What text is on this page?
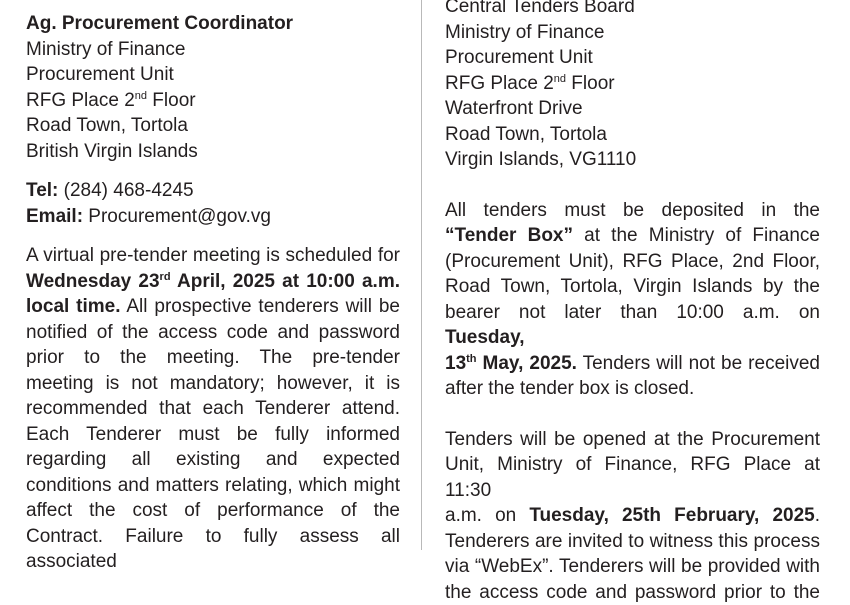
Ag. Procurement Coordinator
Ministry of Finance
Procurement Unit
RFG Place 2nd Floor
Road Town, Tortola
British Virgin Islands
Tel: (284) 468-4245
Email: Procurement@gov.vg
A virtual pre-tender meeting is scheduled for
Wednesday 23rd April, 2025 at 10:00 a.m.
local time. All prospective tenderers will be
notified of the access code and password
prior to the meeting. The pre-tender
meeting is not mandatory; however, it is
recommended that each Tenderer attend.
Each Tenderer must be fully informed
regarding all existing and expected
conditions and matters relating, which might
affect the cost of performance of the
Contract. Failure to fully assess all associated
Central Tenders Board
Ministry of Finance
Procurement Unit
RFG Place 2nd Floor
Waterfront Drive
Road Town, Tortola
Virgin Islands, VG1110
All tenders must be deposited in the
“Tender Box” at the Ministry of Finance
(Procurement Unit), RFG Place, 2nd Floor,
Road Town, Tortola, Virgin Islands by the
bearer not later than 10:00 a.m. on Tuesday,
13th May, 2025. Tenders will not be received
after the tender box is closed.
Tenders will be opened at the Procurement
Unit, Ministry of Finance, RFG Place at 11:30
a.m. on Tuesday, 25th February, 2025.
Tenderers are invited to witness this process
via “WebEx”. Tenderers will be provided with
the access code and password prior to the
